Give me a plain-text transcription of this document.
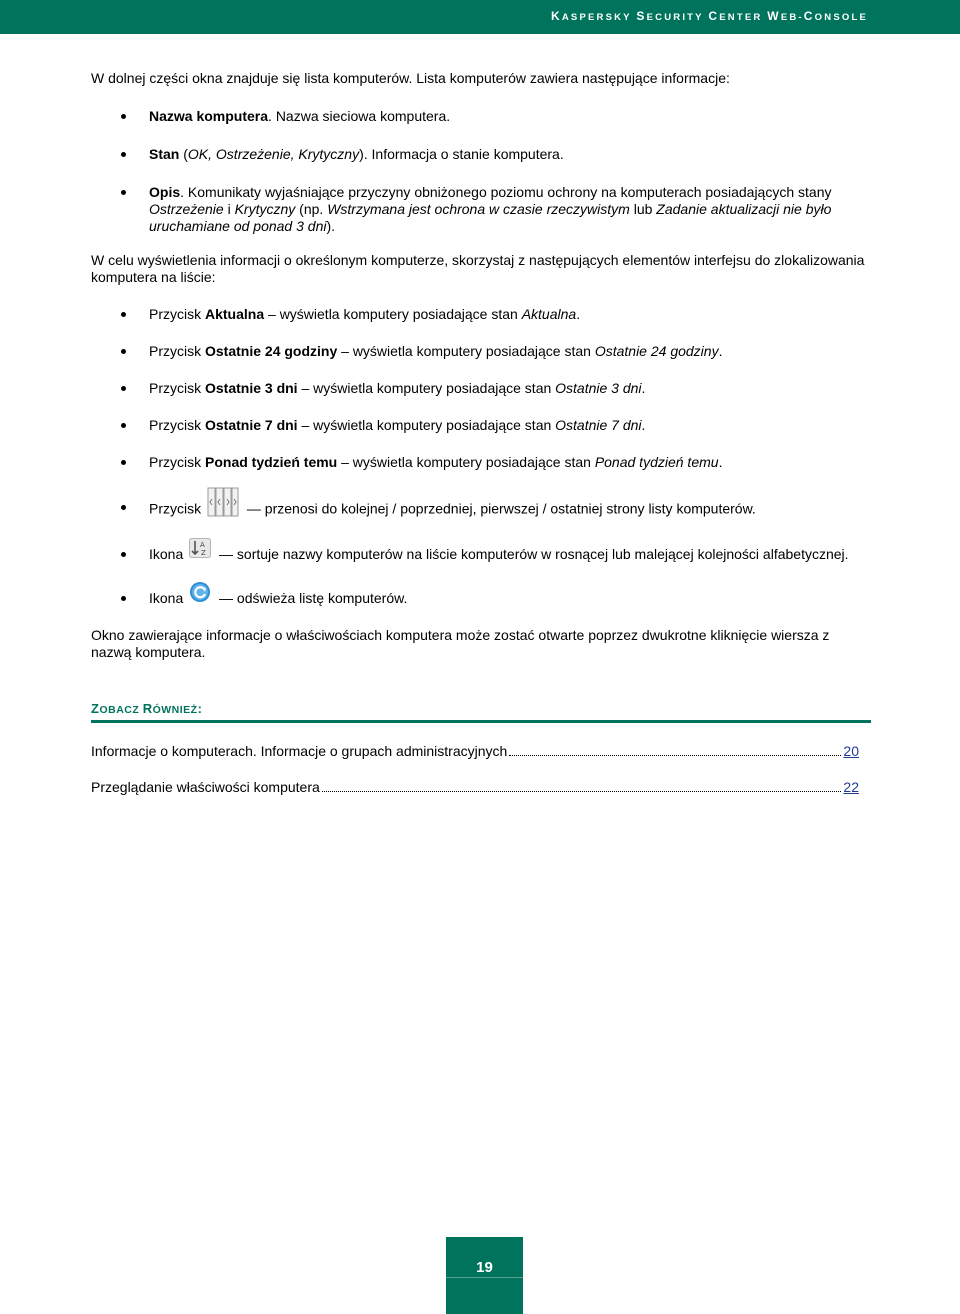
KASPERSKY SECURITY CENTER WEB-CONSOLE

W dolnej części okna znajduje się lista komputerów. Lista komputerów zawiera następujące informacje:

Nazwa komputera. Nazwa sieciowa komputera.
Stan (OK, Ostrzeżenie, Krytyczny). Informacja o stanie komputera.
Opis. Komunikaty wyjaśniające przyczyny obniżonego poziomu ochrony na komputerach posiadających stany Ostrzeżenie i Krytyczny (np. Wstrzymana jest ochrona w czasie rzeczywistym lub Zadanie aktualizacji nie było uruchamiane od ponad 3 dni).

W celu wyświetlenia informacji o określonym komputerze, skorzystaj z następujących elementów interfejsu do zlokalizowania komputera na liście:

Przycisk Aktualna – wyświetla komputery posiadające stan Aktualna.
Przycisk Ostatnie 24 godziny – wyświetla komputery posiadające stan Ostatnie 24 godziny.
Przycisk Ostatnie 3 dni – wyświetla komputery posiadające stan Ostatnie 3 dni.
Przycisk Ostatnie 7 dni – wyświetla komputery posiadające stan Ostatnie 7 dni.
Przycisk Ponad tydzień temu – wyświetla komputery posiadające stan Ponad tydzień temu.
Przycisk	— przenosi do kolejnej / poprzedniej, pierwszej / ostatniej strony listy komputerów.
Ikona
A
Z — sortuje nazwy komputerów na liście komputerów w rosnącej lub malejącej kolejności alfabetycznej.
Ikona  — odświeża listę komputerów.

Okno zawierające informacje o właściwościach komputera może zostać otwarte poprzez dwukrotne kliknięcie wiersza z nazwą komputera.

ZOBACZ RÓWNIEŻ:
Informacje o komputerach. Informacje o grupach administracyjnych	20
Przeglądanie właściwości komputera	22
19
